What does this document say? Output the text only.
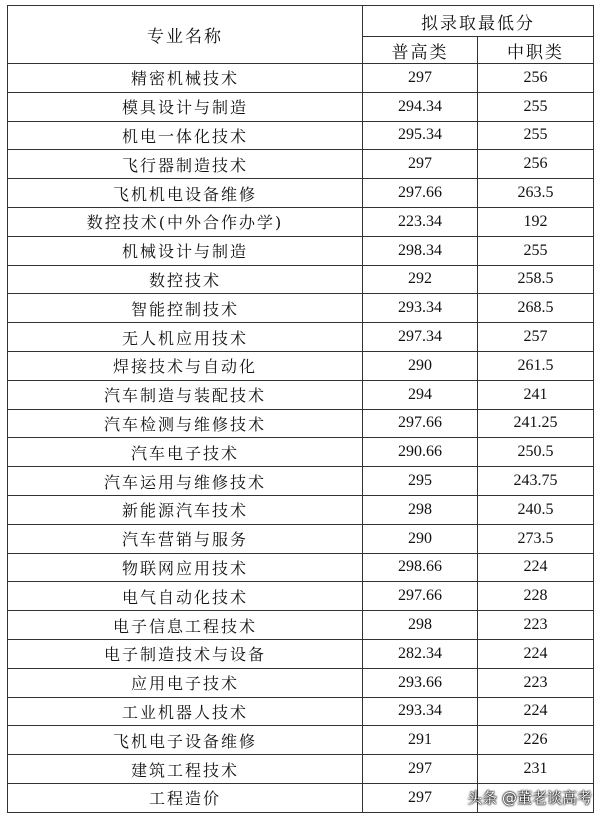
专业名称	拟录取最低分	
	普高类	中职类
精密机械技术	297	256
模具设计与制造	294.34	255
机电一体化技术	295.34	255
飞行器制造技术	297	256
飞机机电设备维修	297.66	263.5
数控技术(中外合作办学)	223.34	192
机械设计与制造	298.34	255
数控技术	292	258.5
智能控制技术	293.34	268.5
无人机应用技术	297.34	257
焊接技术与自动化	290	261.5
汽车制造与装配技术	294	241
汽车检测与维修技术	297.66	241.25
汽车电子技术	290.66	250.5
汽车运用与维修技术	295	243.75
新能源汽车技术	298	240.5
汽车营销与服务	290	273.5
物联网应用技术	298.66	224
电气自动化技术	297.66	228
电子信息工程技术	298	223
电子制造技术与设备	282.34	224
应用电子技术	293.66	223
工业机器人技术	293.34	224
飞机电子设备维修	291	226
建筑工程技术	297	231
工程造价	297	头条 @董老谈高考
